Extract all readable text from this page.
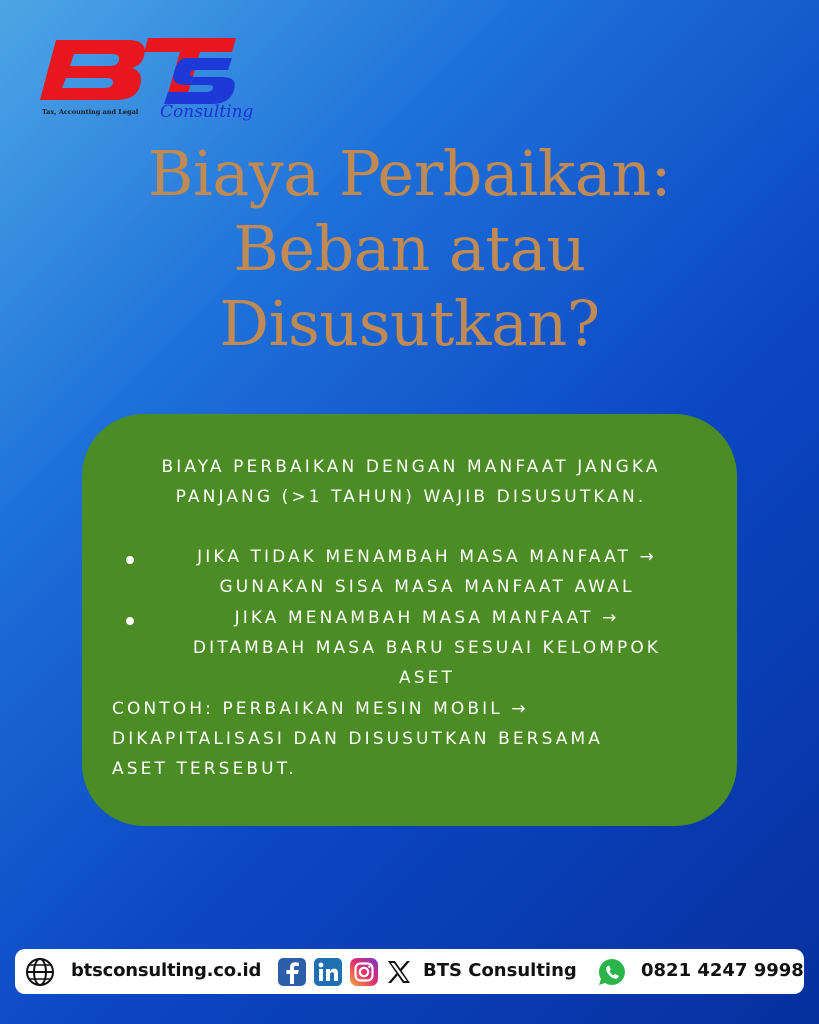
Tax, Accounting and Legal Consulting
Biaya Perbaikan:
Beban atau
Disusutkan?
BIAYA PERBAIKAN DENGAN MANFAAT JANGKA
PANJANG (>1 TAHUN) WAJIB DISUSUTKAN.
JIKA TIDAK MENAMBAH MASA MANFAAT →
GUNAKAN SISA MASA MANFAAT AWAL
JIKA MENAMBAH MASA MANFAAT →
DITAMBAH MASA BARU SESUAI KELOMPOK
ASET
CONTOH: PERBAIKAN MESIN MOBIL →
DIKAPITALISASI DAN DISUSUTKAN BERSAMA
ASET TERSEBUT.
btsconsulting.co.id	BTS Consulting	0821 4247 9998
